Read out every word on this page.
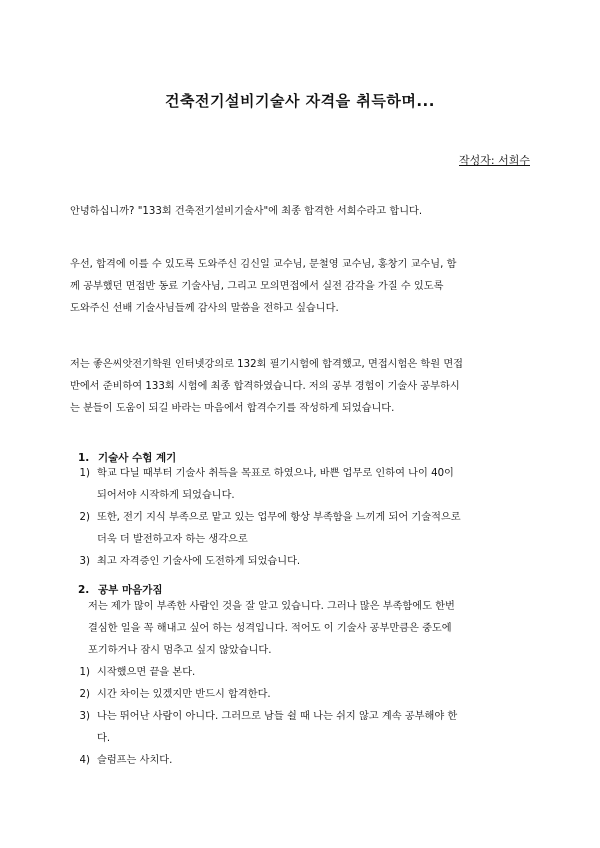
건축전기설비기술사 자격을 취득하며...
작성자: 서희수
안녕하십니까? "133회 건축전기설비기술사"에 최종 합격한 서희수라고 합니다.
우선, 합격에 이를 수 있도록 도와주신 김신일 교수님, 문철영 교수님, 홍창기 교수님, 함
께 공부했던 면접반 동료 기술사님, 그리고 모의면접에서 실전 감각을 가질 수 있도록
도와주신 선배 기술사님들께 감사의 말씀을 전하고 싶습니다.
저는 좋은씨앗전기학원 인터넷강의로 132회 필기시험에 합격했고, 면접시험은 학원 면접
반에서 준비하여 133회 시험에 최종 합격하였습니다. 저의 공부 경험이 기술사 공부하시
는 분들이 도움이 되길 바라는 마음에서 합격수기를 작성하게 되었습니다.
1. 기술사 수험 계기
1) 학교 다닐 때부터 기술사 취득을 목표로 하였으나, 바쁜 업무로 인하여 나이 40이
되어서야 시작하게 되었습니다.
2) 또한, 전기 지식 부족으로 맡고 있는 업무에 항상 부족함을 느끼게 되어 기술적으로
더욱 더 발전하고자 하는 생각으로
3) 최고 자격증인 기술사에 도전하게 되었습니다.
2. 공부 마음가짐
저는 제가 많이 부족한 사람인 것을 잘 알고 있습니다. 그러나 많은 부족함에도 한번
결심한 일을 꼭 해내고 싶어 하는 성격입니다. 적어도 이 기술사 공부만큼은 중도에
포기하거나 잠시 멈추고 싶지 않았습니다.
1) 시작했으면 끝을 본다.
2) 시간 차이는 있겠지만 반드시 합격한다.
3) 나는 뛰어난 사람이 아니다. 그러므로 남들 쉴 때 나는 쉬지 않고 계속 공부해야 한
다.
4) 슬럼프는 사치다.
